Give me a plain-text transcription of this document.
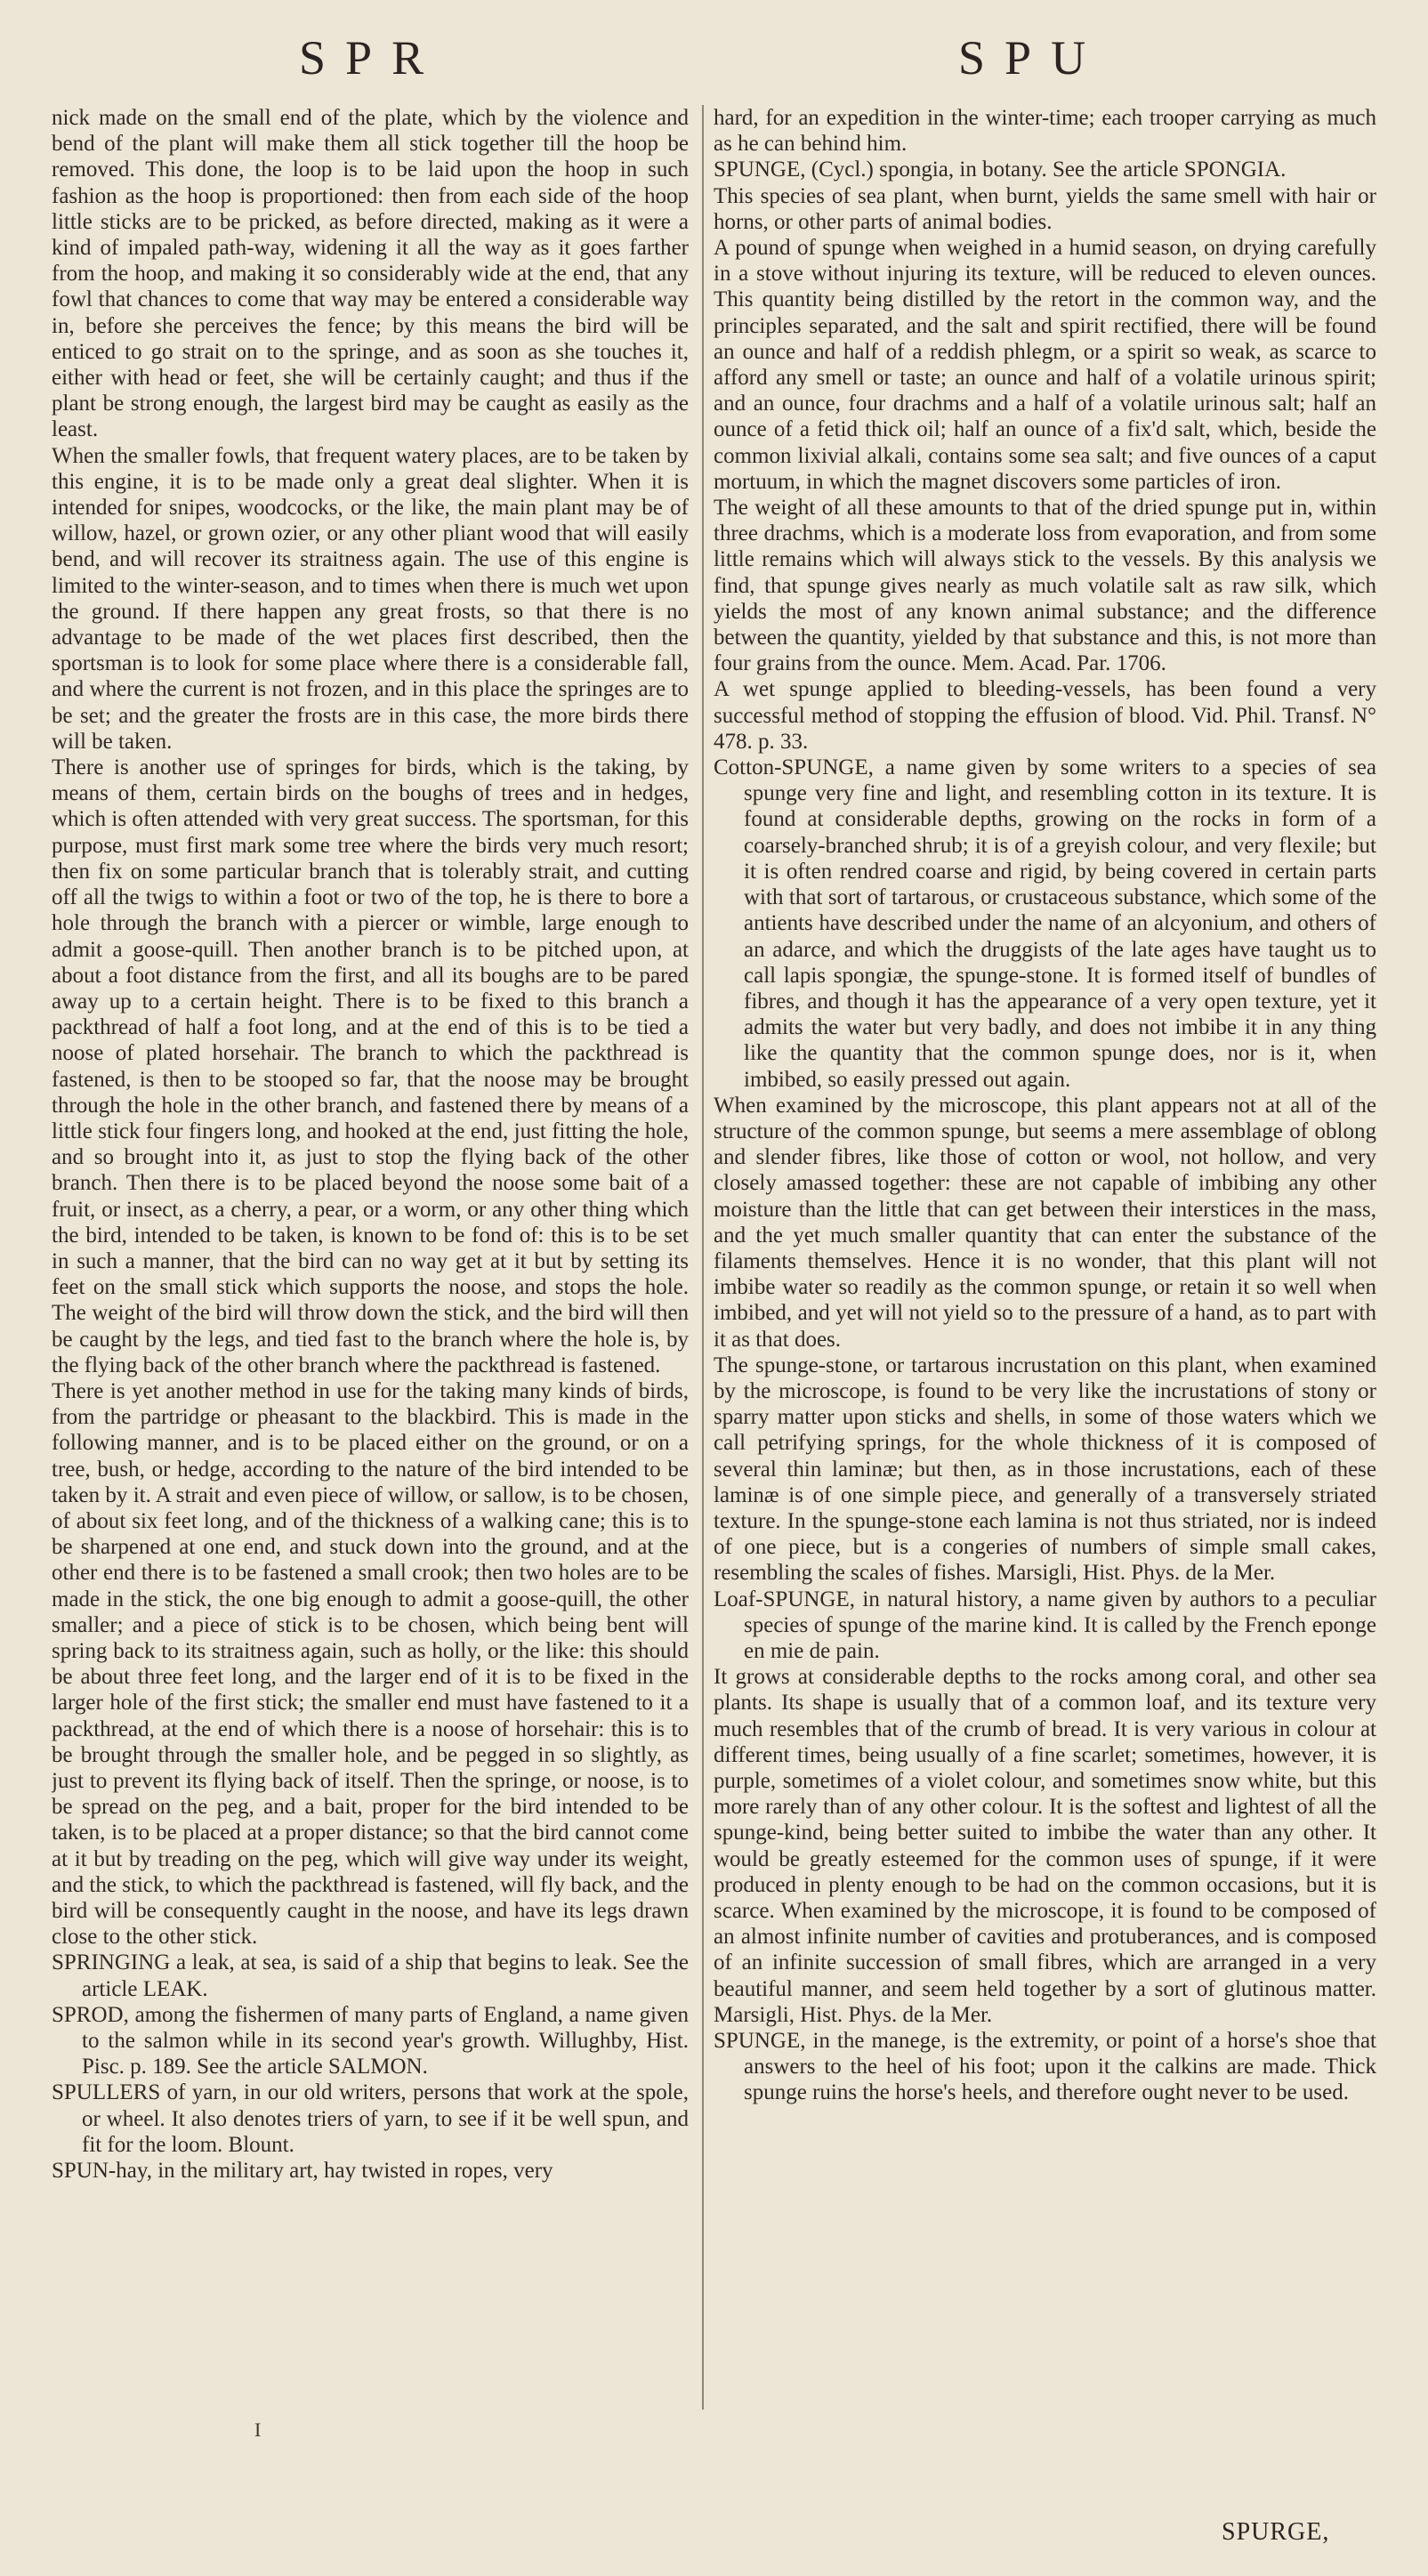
SPR	SPU

nick made on the small end of the plate, which by the violence and bend of the plant will make them all stick together till the hoop be removed. This done, the loop is to be laid upon the hoop in such fashion as the hoop is proportioned: then from each side of the hoop little sticks are to be pricked, as before directed, making as it were a kind of impaled path-way, widening it all the way as it goes farther from the hoop, and making it so considerably wide at the end, that any fowl that chances to come that way may be entered a considerable way in, before she perceives the fence; by this means the bird will be enticed to go strait on to the springe, and as soon as she touches it, either with head or feet, she will be certainly caught; and thus if the plant be strong enough, the largest bird may be caught as easily as the least.

When the smaller fowls, that frequent watery places, are to be taken by this engine, it is to be made only a great deal slighter. When it is intended for snipes, woodcocks, or the like, the main plant may be of willow, hazel, or grown ozier, or any other pliant wood that will easily bend, and will recover its straitness again. The use of this engine is limited to the winter-season, and to times when there is much wet upon the ground. If there happen any great frosts, so that there is no advantage to be made of the wet places first described, then the sportsman is to look for some place where there is a considerable fall, and where the current is not frozen, and in this place the springes are to be set; and the greater the frosts are in this case, the more birds there will be taken.

There is another use of springes for birds, which is the taking, by means of them, certain birds on the boughs of trees and in hedges, which is often attended with very great success. The sportsman, for this purpose, must first mark some tree where the birds very much resort; then fix on some particular branch that is tolerably strait, and cutting off all the twigs to within a foot or two of the top, he is there to bore a hole through the branch with a piercer or wimble, large enough to admit a goose-quill. Then another branch is to be pitched upon, at about a foot distance from the first, and all its boughs are to be pared away up to a certain height. There is to be fixed to this branch a packthread of half a foot long, and at the end of this is to be tied a noose of plated horsehair. The branch to which the packthread is fastened, is then to be stooped so far, that the noose may be brought through the hole in the other branch, and fastened there by means of a little stick four fingers long, and hooked at the end, just fitting the hole, and so brought into it, as just to stop the flying back of the other branch. Then there is to be placed beyond the noose some bait of a fruit, or insect, as a cherry, a pear, or a worm, or any other thing which the bird, intended to be taken, is known to be fond of: this is to be set in such a manner, that the bird can no way get at it but by setting its feet on the small stick which supports the noose, and stops the hole. The weight of the bird will throw down the stick, and the bird will then be caught by the legs, and tied fast to the branch where the hole is, by the flying back of the other branch where the packthread is fastened.

There is yet another method in use for the taking many kinds of birds, from the partridge or pheasant to the blackbird. This is made in the following manner, and is to be placed either on the ground, or on a tree, bush, or hedge, according to the nature of the bird intended to be taken by it. A strait and even piece of willow, or sallow, is to be chosen, of about six feet long, and of the thickness of a walking cane; this is to be sharpened at one end, and stuck down into the ground, and at the other end there is to be fastened a small crook; then two holes are to be made in the stick, the one big enough to admit a goose-quill, the other smaller; and a piece of stick is to be chosen, which being bent will spring back to its straitness again, such as holly, or the like: this should be about three feet long, and the larger end of it is to be fixed in the larger hole of the first stick; the smaller end must have fastened to it a packthread, at the end of which there is a noose of horsehair: this is to be brought through the smaller hole, and be pegged in so slightly, as just to prevent its flying back of itself. Then the springe, or noose, is to be spread on the peg, and a bait, proper for the bird intended to be taken, is to be placed at a proper distance; so that the bird cannot come at it but by treading on the peg, which will give way under its weight, and the stick, to which the packthread is fastened, will fly back, and the bird will be consequently caught in the noose, and have its legs drawn close to the other stick.

SPRINGING a leak, at sea, is said of a ship that begins to leak. See the article LEAK.

SPROD, among the fishermen of many parts of England, a name given to the salmon while in its second year's growth. Willughby, Hist. Pisc. p. 189. See the article SALMON.

SPULLERS of yarn, in our old writers, persons that work at the spole, or wheel. It also denotes triers of yarn, to see if it be well spun, and fit for the loom. Blount.

SPUN-hay, in the military art, hay twisted in ropes, very

hard, for an expedition in the winter-time; each trooper carrying as much as he can behind him.

SPUNGE, (Cycl.) spongia, in botany. See the article SPONGIA.

This species of sea plant, when burnt, yields the same smell with hair or horns, or other parts of animal bodies.

A pound of spunge when weighed in a humid season, on drying carefully in a stove without injuring its texture, will be reduced to eleven ounces. This quantity being distilled by the retort in the common way, and the principles separated, and the salt and spirit rectified, there will be found an ounce and half of a reddish phlegm, or a spirit so weak, as scarce to afford any smell or taste; an ounce and half of a volatile urinous spirit; and an ounce, four drachms and a half of a volatile urinous salt; half an ounce of a fetid thick oil; half an ounce of a fix'd salt, which, beside the common lixivial alkali, contains some sea salt; and five ounces of a caput mortuum, in which the magnet discovers some particles of iron.

The weight of all these amounts to that of the dried spunge put in, within three drachms, which is a moderate loss from evaporation, and from some little remains which will always stick to the vessels. By this analysis we find, that spunge gives nearly as much volatile salt as raw silk, which yields the most of any known animal substance; and the difference between the quantity, yielded by that substance and this, is not more than four grains from the ounce. Mem. Acad. Par. 1706.

A wet spunge applied to bleeding-vessels, has been found a very successful method of stopping the effusion of blood. Vid. Phil. Transf. N° 478. p. 33.

Cotton-SPUNGE, a name given by some writers to a species of sea spunge very fine and light, and resembling cotton in its texture. It is found at considerable depths, growing on the rocks in form of a coarsely-branched shrub; it is of a greyish colour, and very flexile; but it is often rendred coarse and rigid, by being covered in certain parts with that sort of tartarous, or crustaceous substance, which some of the antients have described under the name of an alcyonium, and others of an adarce, and which the druggists of the late ages have taught us to call lapis spongiæ, the spunge-stone. It is formed itself of bundles of fibres, and though it has the appearance of a very open texture, yet it admits the water but very badly, and does not imbibe it in any thing like the quantity that the common spunge does, nor is it, when imbibed, so easily pressed out again.

When examined by the microscope, this plant appears not at all of the structure of the common spunge, but seems a mere assemblage of oblong and slender fibres, like those of cotton or wool, not hollow, and very closely amassed together: these are not capable of imbibing any other moisture than the little that can get between their interstices in the mass, and the yet much smaller quantity that can enter the substance of the filaments themselves. Hence it is no wonder, that this plant will not imbibe water so readily as the common spunge, or retain it so well when imbibed, and yet will not yield so to the pressure of a hand, as to part with it as that does.

The spunge-stone, or tartarous incrustation on this plant, when examined by the microscope, is found to be very like the incrustations of stony or sparry matter upon sticks and shells, in some of those waters which we call petrifying springs, for the whole thickness of it is composed of several thin laminæ; but then, as in those incrustations, each of these laminæ is of one simple piece, and generally of a transversely striated texture. In the spunge-stone each lamina is not thus striated, nor is indeed of one piece, but is a congeries of numbers of simple small cakes, resembling the scales of fishes. Marsigli, Hist. Phys. de la Mer.

Loaf-SPUNGE, in natural history, a name given by authors to a peculiar species of spunge of the marine kind. It is called by the French eponge en mie de pain.

It grows at considerable depths to the rocks among coral, and other sea plants. Its shape is usually that of a common loaf, and its texture very much resembles that of the crumb of bread. It is very various in colour at different times, being usually of a fine scarlet; sometimes, however, it is purple, sometimes of a violet colour, and sometimes snow white, but this more rarely than of any other colour. It is the softest and lightest of all the spunge-kind, being better suited to imbibe the water than any other. It would be greatly esteemed for the common uses of spunge, if it were produced in plenty enough to be had on the common occasions, but it is scarce. When examined by the microscope, it is found to be composed of an almost infinite number of cavities and protuberances, and is composed of an infinite succession of small fibres, which are arranged in a very beautiful manner, and seem held together by a sort of glutinous matter. Marsigli, Hist. Phys. de la Mer.

SPUNGE, in the manege, is the extremity, or point of a horse's shoe that answers to the heel of his foot; upon it the calkins are made. Thick spunge ruins the horse's heels, and therefore ought never to be used.

I
SPURGE,
